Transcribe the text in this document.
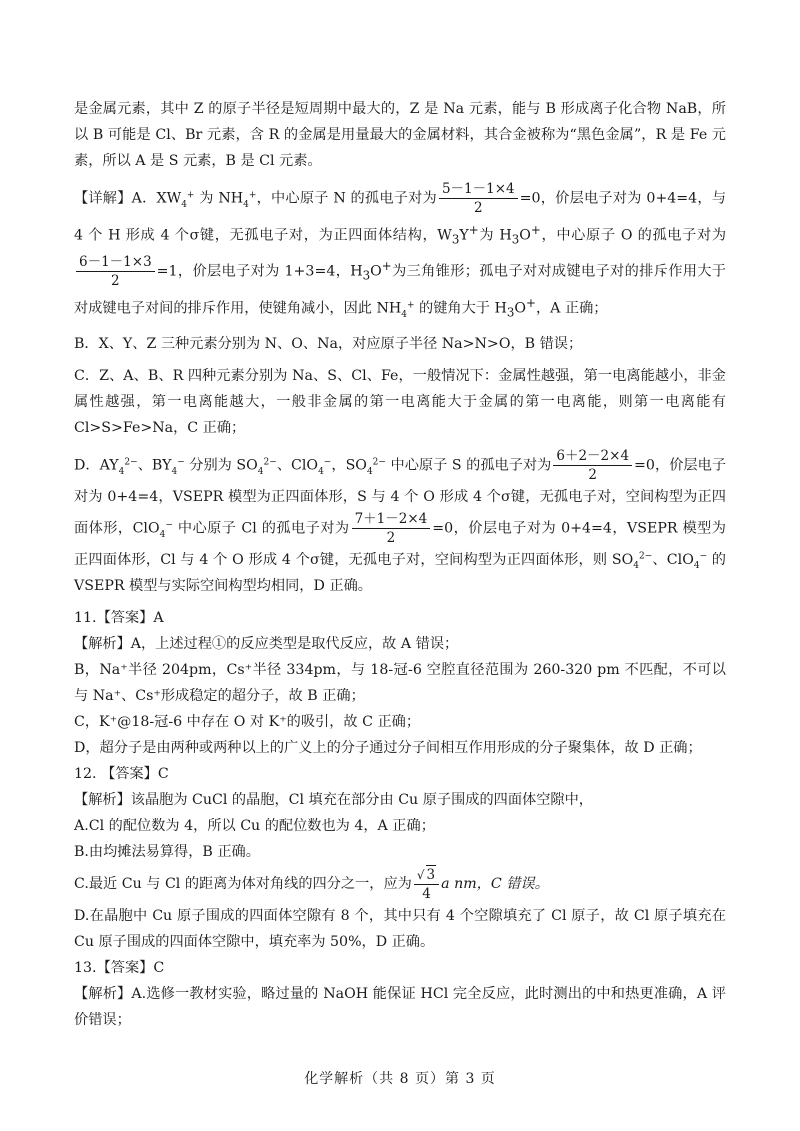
是金属元素，其中 Z 的原子半径是短周期中最大的，Z 是 Na 元素，能与 B 形成离子化合物 NaB，所以 B 可能是 Cl、Br 元素，含 R 的金属是用量最大的金属材料，其合金被称为“黑色金属”，R 是 Fe 元素，所以 A 是 S 元素，B 是 Cl 元素。

【详解】A．$XW_4^+$ 为 $NH_4^+$，中心原子 N 的孤电子对为 $\frac{5-1-1\times 4}{2} =0$，价层电子对为 0+4=4，与 4 个 H 形成 4 个σ键，无孤电子对，为正四面体结构，$W_3Y^+$为 $H_3O^+$，中心原子 O 的孤电子对为
$\frac{6-1-1\times 3}{2} =1$，价层电子对为 1+3=4，$H_3O^+$为三角锥形；孤电子对对成键电子对的排斥作用大于对成键电子对间的排斥作用，使键角减小，因此 $NH_4^+$ 的键角大于 $H_3O^+$，A 正确；

B．X、Y、Z 三种元素分别为 N、O、Na，对应原子半径 Na>N>O，B 错误；

C．Z、A、B、R 四种元素分别为 Na、S、Cl、Fe，一般情况下：金属性越强，第一电离能越小，非金属性越强，第一电离能越大，一般非金属的第一电离能大于金属的第一电离能，则第一电离能有 Cl>S>Fe>Na，C 正确；

D．$AY_4^{2-}$、$BY_4^-$ 分别为 $SO_4^{2-}$、ClO$_4$−，$SO_4^{2-}$ 中心原子 S 的孤电子对为 $\frac{6+2-2\times 4}{2} =0$，价层电子对为 0+4=4，VSEPR 模型为正四面体形，S 与 4 个 O 形成 4 个σ键，无孤电子对，空间构型为正四面体形，ClO$_4$− 中心原子 Cl 的孤电子对为 $\frac{7+1-2\times 4}{2} =0$，价层电子对为 0+4=4，VSEPR 模型为正四面体形，Cl 与 4 个 O 形成 4 个σ键，无孤电子对，空间构型为正四面体形，则 $SO_4^{2-}$、ClO$_4$− 的 VSEPR 模型与实际空间构型均相同，D 正确。

11.【答案】A

【解析】A，上述过程①的反应类型是取代反应，故 A 错误；

B，Na⁺半径 204pm，Cs⁺半径 334pm，与 18-冠-6 空腔直径范围为 260-320 pm 不匹配，不可以与 Na⁺、Cs⁺形成稳定的超分子，故 B 正确；

C，K⁺@18-冠-6 中存在 O 对 K⁺的吸引，故 C 正确；

D，超分子是由两种或两种以上的广义上的分子通过分子间相互作用形成的分子聚集体，故 D 正确；

12. 【答案】C

【解析】该晶胞为 CuCl 的晶胞，Cl 填充在部分由 Cu 原子围成的四面体空隙中，

A.Cl 的配位数为 4，所以 Cu 的配位数也为 4，A 正确；

B.由均摊法易算得，B 正确。

C.最近 Cu 与 Cl 的距离为体对角线的四分之一，应为 $\frac{√ 3}{4}$ a nm，C 错误。

D.在晶胞中 Cu 原子围成的四面体空隙有 8 个，其中只有 4 个空隙填充了 Cl 原子，故 Cl 原子填充在 Cu 原子围成的四面体空隙中，填充率为 50%，D 正确。

13.【答案】C

【解析】A.选修一教材实验，略过量的 NaOH 能保证 HCl 完全反应，此时测出的中和热更准确，A 评价错误；

化学解析（共 8 页）第 3 页
